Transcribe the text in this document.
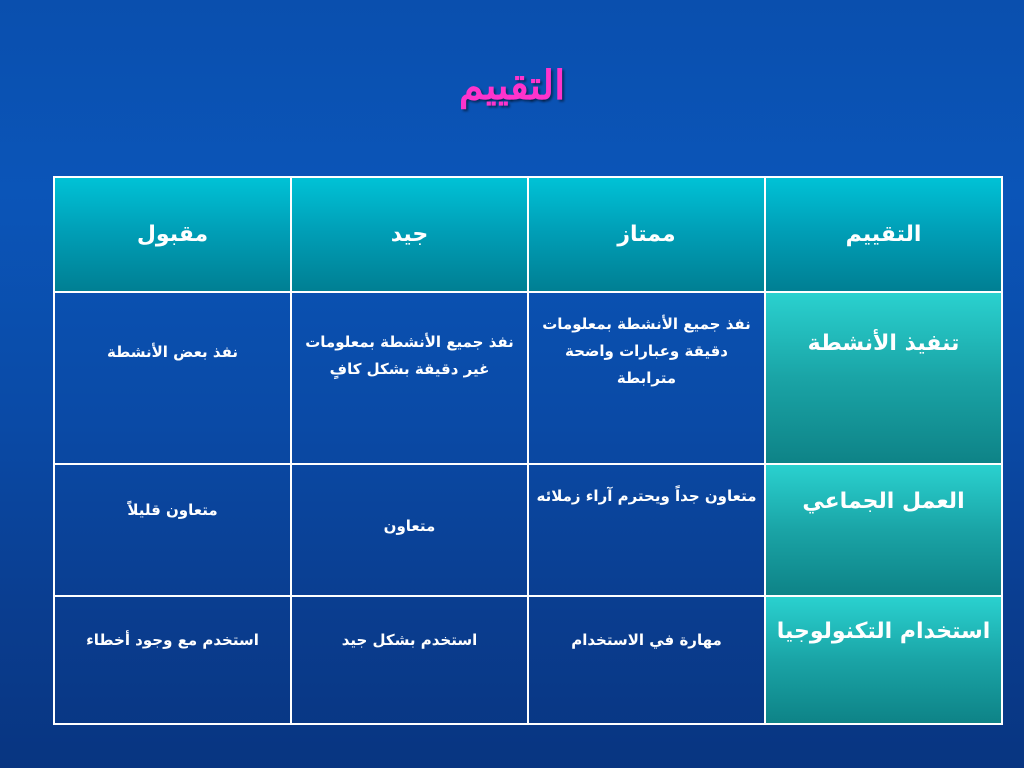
التقييم
التقييم	ممتاز	جيد	مقبول
تنفيذ الأنشطة	نفذ جميع الأنشطة بمعلومات دقيقة وعبارات واضحة مترابطة	نفذ جميع الأنشطة بمعلومات غير دقيقة بشكل كافٍ	نفذ بعض الأنشطة
العمل الجماعي	متعاون جداً ويحترم آراء زملائه	متعاون	متعاون قليلاً
استخدام التكنولوجيا	مهارة في الاستخدام	استخدم بشكل جيد	استخدم مع وجود أخطاء
